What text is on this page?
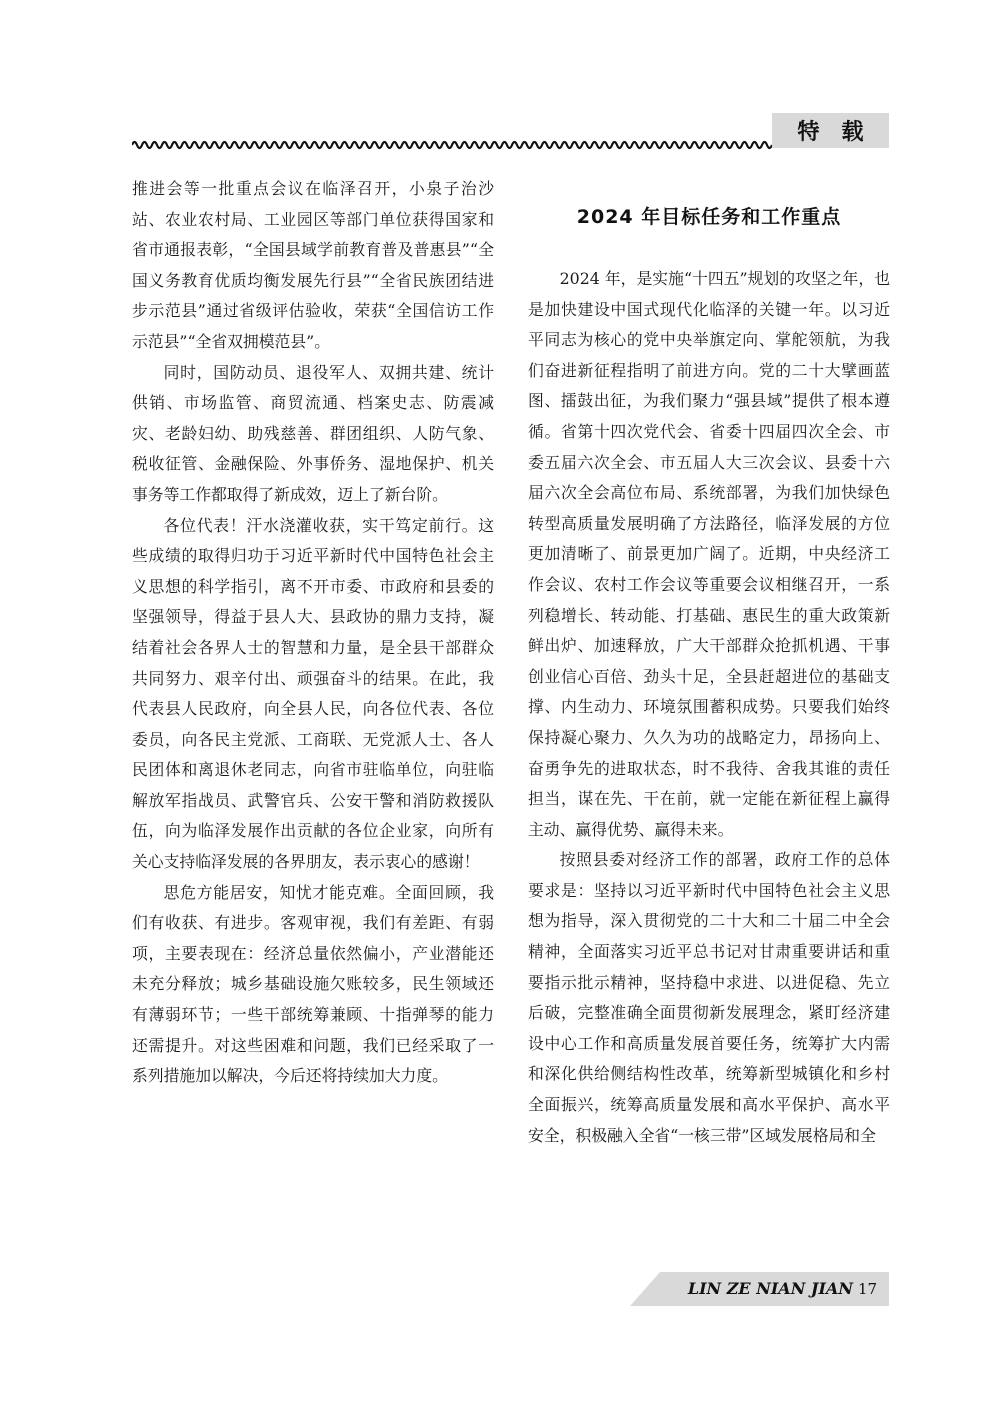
特载

推进会等一批重点会议在临泽召开，小泉子治沙站、农业农村局、工业园区等部门单位获得国家和省市通报表彰，“全国县域学前教育普及普惠县”“全国义务教育优质均衡发展先行县”“全省民族团结进步示范县”通过省级评估验收，荣获“全国信访工作示范县”“全省双拥模范县”。

同时，国防动员、退役军人、双拥共建、统计供销、市场监管、商贸流通、档案史志、防震减灾、老龄妇幼、助残慈善、群团组织、人防气象、税收征管、金融保险、外事侨务、湿地保护、机关事务等工作都取得了新成效，迈上了新台阶。

各位代表！汗水浇灌收获，实干笃定前行。这些成绩的取得归功于习近平新时代中国特色社会主义思想的科学指引，离不开市委、市政府和县委的坚强领导，得益于县人大、县政协的鼎力支持，凝结着社会各界人士的智慧和力量，是全县干部群众共同努力、艰辛付出、顽强奋斗的结果。在此，我代表县人民政府，向全县人民，向各位代表、各位委员，向各民主党派、工商联、无党派人士、各人民团体和离退休老同志，向省市驻临单位，向驻临解放军指战员、武警官兵、公安干警和消防救援队伍，向为临泽发展作出贡献的各位企业家，向所有关心支持临泽发展的各界朋友，表示衷心的感谢！

思危方能居安，知忧才能克难。全面回顾，我们有收获、有进步。客观审视，我们有差距、有弱项，主要表现在：经济总量依然偏小，产业潜能还未充分释放；城乡基础设施欠账较多，民生领域还有薄弱环节；一些干部统筹兼顾、十指弹琴的能力还需提升。对这些困难和问题，我们已经采取了一系列措施加以解决，今后还将持续加大力度。

2024 年目标任务和工作重点

2024 年，是实施“十四五”规划的攻坚之年，也是加快建设中国式现代化临泽的关键一年。以习近平同志为核心的党中央举旗定向、掌舵领航，为我们奋进新征程指明了前进方向。党的二十大擘画蓝图、擂鼓出征，为我们聚力“强县域”提供了根本遵循。省第十四次党代会、省委十四届四次全会、市委五届六次全会、市五届人大三次会议、县委十六届六次全会高位布局、系统部署，为我们加快绿色转型高质量发展明确了方法路径，临泽发展的方位更加清晰了、前景更加广阔了。近期，中央经济工作会议、农村工作会议等重要会议相继召开，一系列稳增长、转动能、打基础、惠民生的重大政策新鲜出炉、加速释放，广大干部群众抢抓机遇、干事创业信心百倍、劲头十足，全县赶超进位的基础支撑、内生动力、环境氛围蓄积成势。只要我们始终保持凝心聚力、久久为功的战略定力，昂扬向上、奋勇争先的进取状态，时不我待、舍我其谁的责任担当，谋在先、干在前，就一定能在新征程上赢得主动、赢得优势、赢得未来。

按照县委对经济工作的部署，政府工作的总体要求是：坚持以习近平新时代中国特色社会主义思想为指导，深入贯彻党的二十大和二十届二中全会精神，全面落实习近平总书记对甘肃重要讲话和重要指示批示精神，坚持稳中求进、以进促稳、先立后破，完整准确全面贯彻新发展理念，紧盯经济建设中心工作和高质量发展首要任务，统筹扩大内需和深化供给侧结构性改革，统筹新型城镇化和乡村全面振兴，统筹高质量发展和高水平保护、高水平安全，积极融入全省“一核三带”区域发展格局和全

LIN ZE NIAN JIAN 17
